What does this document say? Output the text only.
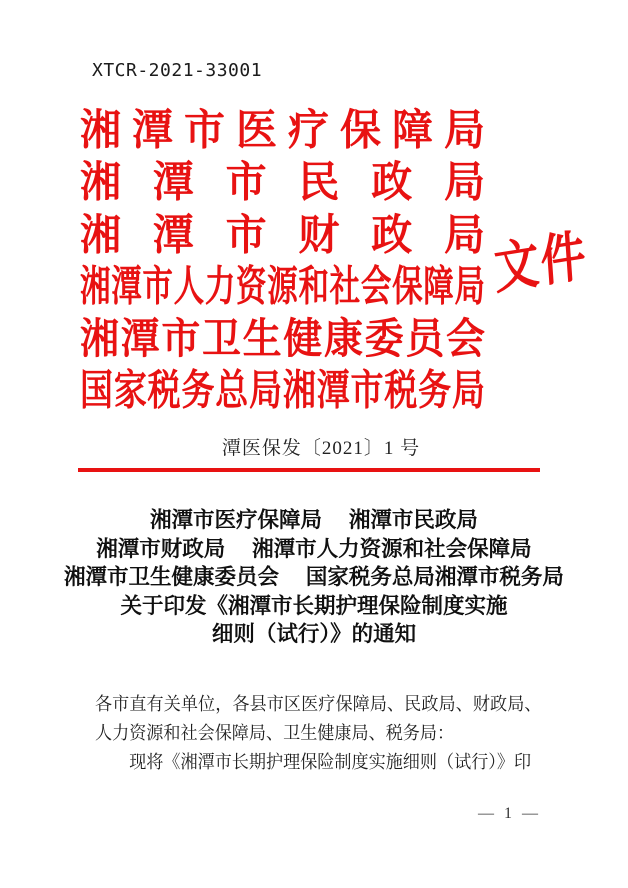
XTCR-2021-33001
湘潭市医疗保障局
湘潭市民政局
湘潭市财政局
湘潭市人力资源和社会保障局
湘潭市卫生健康委员会
国家税务总局湘潭市税务局
文件
潭医保发〔2021〕1 号
湘潭市医疗保障局　 湘潭市民政局
湘潭市财政局　 湘潭市人力资源和社会保障局
湘潭市卫生健康委员会　 国家税务总局湘潭市税务局
关于印发《湘潭市长期护理保险制度实施
细则（试行）》的通知

各市直有关单位，各县市区医疗保障局、民政局、财政局、人力资源和社会保障局、卫生健康局、税务局：

现将《湘潭市长期护理保险制度实施细则（试行）》印

— 1 —
